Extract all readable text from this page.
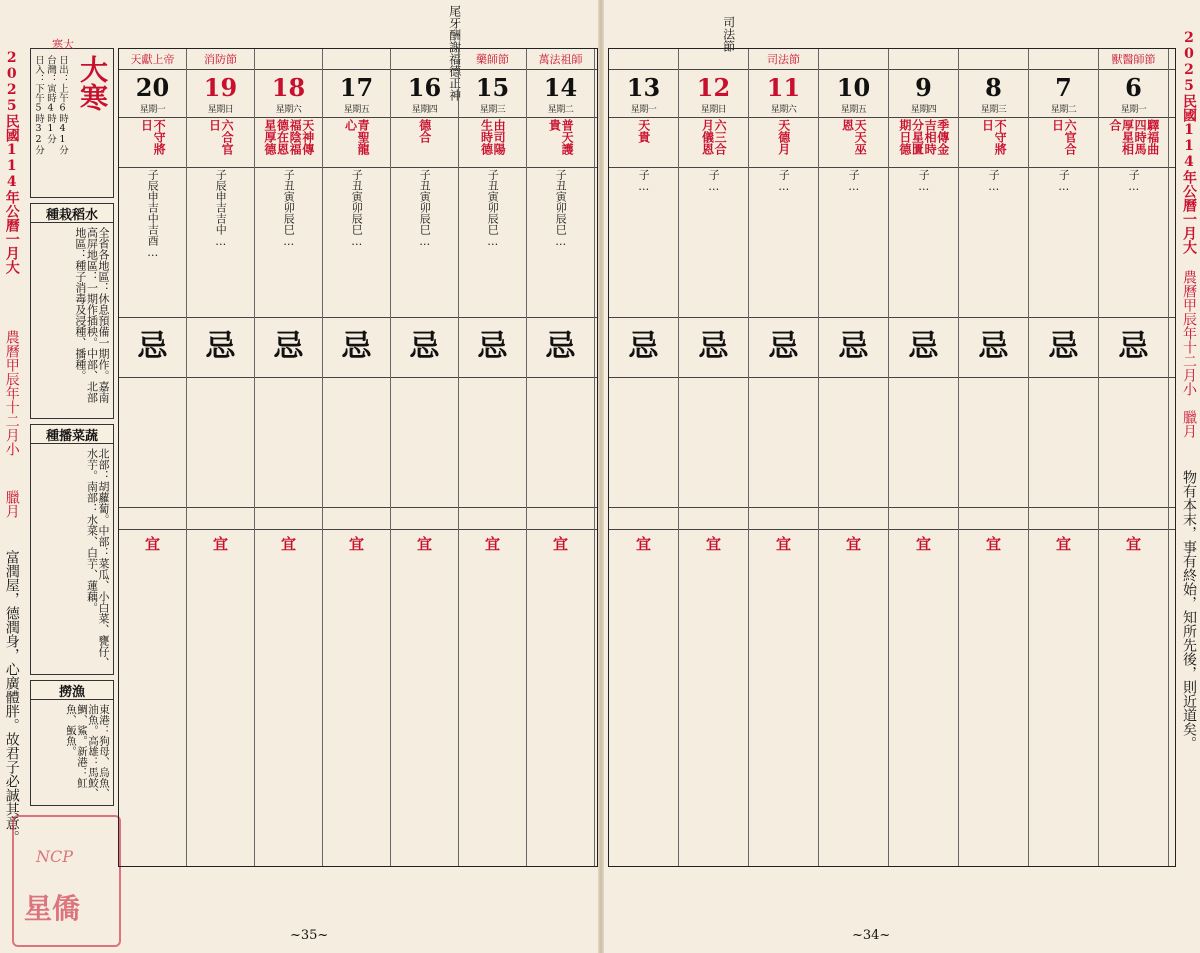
2025民國114年公曆一月大
農曆甲辰年十二月小
臘月
富潤屋，德潤身，心廣體胖。故君子必誠其意。
大寒
日出：上午6時41分
台灣：寅時4時1分
日入：下午5時32分
寒大
種栽稻水
全省各地區：休息預備一期作。嘉南高屏地區：一期作插秧。中部、北部地區：種子消毒及浸種、播種。
種播菜蔬
北部：胡蘿蔔。中部：菜瓜、小白菜、甕仔、水芋。南部：水菜、白芋、蓮藕。
撈漁
東港：狗母、烏魚、油魚。高雄：馬鮫、鯛、鯊。新港：魟魚、魬魚。
星僑
NCP
尾牙酬謝福德正神
天獻上帝
20
星期一
不守將日
子辰申吉中吉酉…
忌
宜
消防節
19
星期日
六合官日
子辰申吉吉中…
忌
宜
18
星期六
天神傳福陰福德在恩星厚德
子丑寅卯辰巳…
忌
宜
17
星期五
青聖龍心
子丑寅卯辰巳…
忌
宜
16
星期四
德合
子丑寅卯辰巳…
忌
宜
藥師節
15
星期三
由司陽生時德
子丑寅卯辰巳…
忌
宜
萬法祖師
14
星期二
普天護貴
子丑寅卯辰巳…
忌
宜
~35~
2025民國114年公曆一月大
農曆甲辰年十二月小
臘月
物有本末，事有終始，知所先後，則近道矣。
司法節
13
星期一
天貴
子…
忌
宜
12
星期日
六三合月儀恩
子…
忌
宜
司法節
11
星期六
天德月
子…
忌
宜
10
星期五
天天巫恩
子…
忌
宜
9
星期四
季傳金吉相時分星匱期日德
子…
忌
宜
8
星期三
不守將日
子…
忌
宜
7
星期二
六官合日
子…
忌
宜
獸醫師節
6
星期一
驛福曲四時馬厚星相合
子…
忌
宜
~34~
